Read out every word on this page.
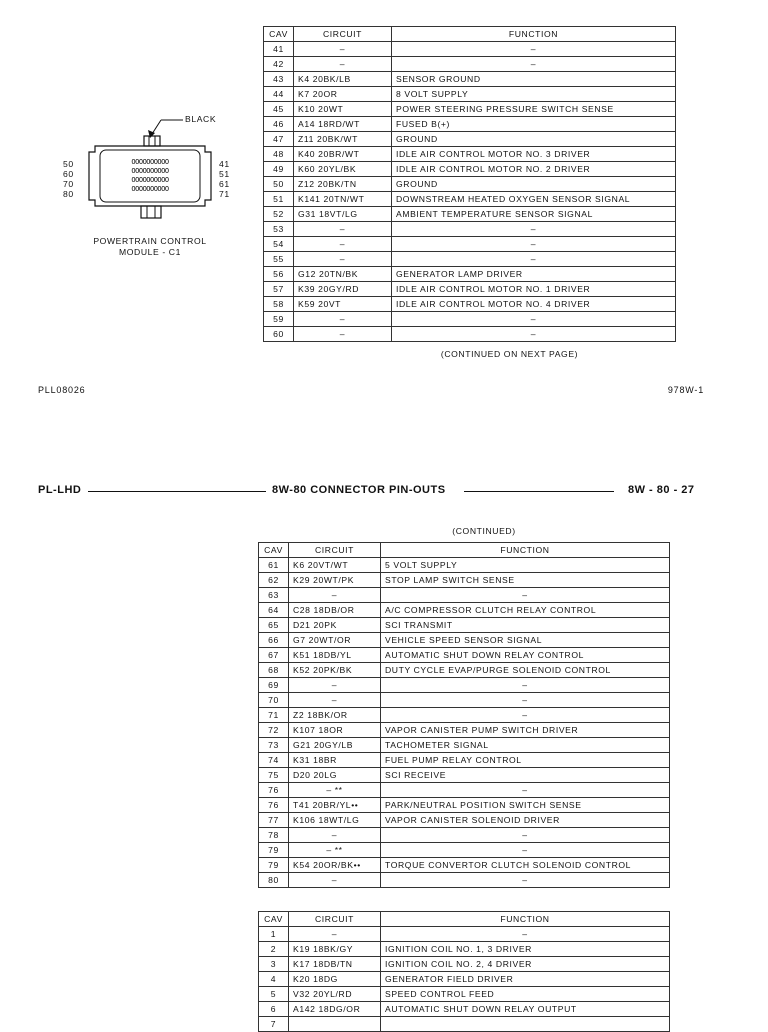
BLACK
OOOOOOOOOO
OOOOOOOOOO
OOOOOOOOOO
OOOOOOOOOO
50
60
70
80
41
51
61
71
POWERTRAIN CONTROL
MODULE - C1
CAV	CIRCUIT	FUNCTION
41	–	–
42	–	–
43	K4 20BK/LB	SENSOR GROUND
44	K7 20OR	8 VOLT SUPPLY
45	K10 20WT	POWER STEERING PRESSURE SWITCH SENSE
46	A14 18RD/WT	FUSED B(+)
47	Z11 20BK/WT	GROUND
48	K40 20BR/WT	IDLE AIR CONTROL MOTOR NO. 3 DRIVER
49	K60 20YL/BK	IDLE AIR CONTROL MOTOR NO. 2 DRIVER
50	Z12 20BK/TN	GROUND
51	K141 20TN/WT	DOWNSTREAM HEATED OXYGEN SENSOR SIGNAL
52	G31 18VT/LG	AMBIENT TEMPERATURE SENSOR SIGNAL
53	–	–
54	–	–
55	–	–
56	G12 20TN/BK	GENERATOR LAMP DRIVER
57	K39 20GY/RD	IDLE AIR CONTROL MOTOR NO. 1 DRIVER
58	K59 20VT	IDLE AIR CONTROL MOTOR NO. 4 DRIVER
59	–	–
60	–	–
(CONTINUED ON NEXT PAGE)
PLL08026	978W-1
PL-LHD	8W-80 CONNECTOR PIN-OUTS	8W - 80 - 27
(CONTINUED)
CAV	CIRCUIT	FUNCTION
61	K6 20VT/WT	5 VOLT SUPPLY
62	K29 20WT/PK	STOP LAMP SWITCH SENSE
63	–	–
64	C28 18DB/OR	A/C COMPRESSOR CLUTCH RELAY CONTROL
65	D21 20PK	SCI TRANSMIT
66	G7 20WT/OR	VEHICLE SPEED SENSOR SIGNAL
67	K51 18DB/YL	AUTOMATIC SHUT DOWN RELAY CONTROL
68	K52 20PK/BK	DUTY CYCLE EVAP/PURGE SOLENOID CONTROL
69	–	–
70	–	–
71	Z2 18BK/OR	–
72	K107 18OR	VAPOR CANISTER PUMP SWITCH DRIVER
73	G21 20GY/LB	TACHOMETER SIGNAL
74	K31 18BR	FUEL PUMP RELAY CONTROL
75	D20 20LG	SCI RECEIVE
76	– **	–
76	T41 20BR/YL••	PARK/NEUTRAL POSITION SWITCH SENSE
77	K106 18WT/LG	VAPOR CANISTER SOLENOID DRIVER
78	–	–
79	– **	–
79	K54 20OR/BK••	TORQUE CONVERTOR CLUTCH SOLENOID CONTROL
80	–	–
CAV	CIRCUIT	FUNCTION
1	–	–
2	K19 18BK/GY	IGNITION COIL NO. 1, 3 DRIVER
3	K17 18DB/TN	IGNITION COIL NO. 2, 4 DRIVER
4	K20 18DG	GENERATOR FIELD DRIVER
5	V32 20YL/RD	SPEED CONTROL FEED
6	A142 18DG/OR	AUTOMATIC SHUT DOWN RELAY OUTPUT
7		
